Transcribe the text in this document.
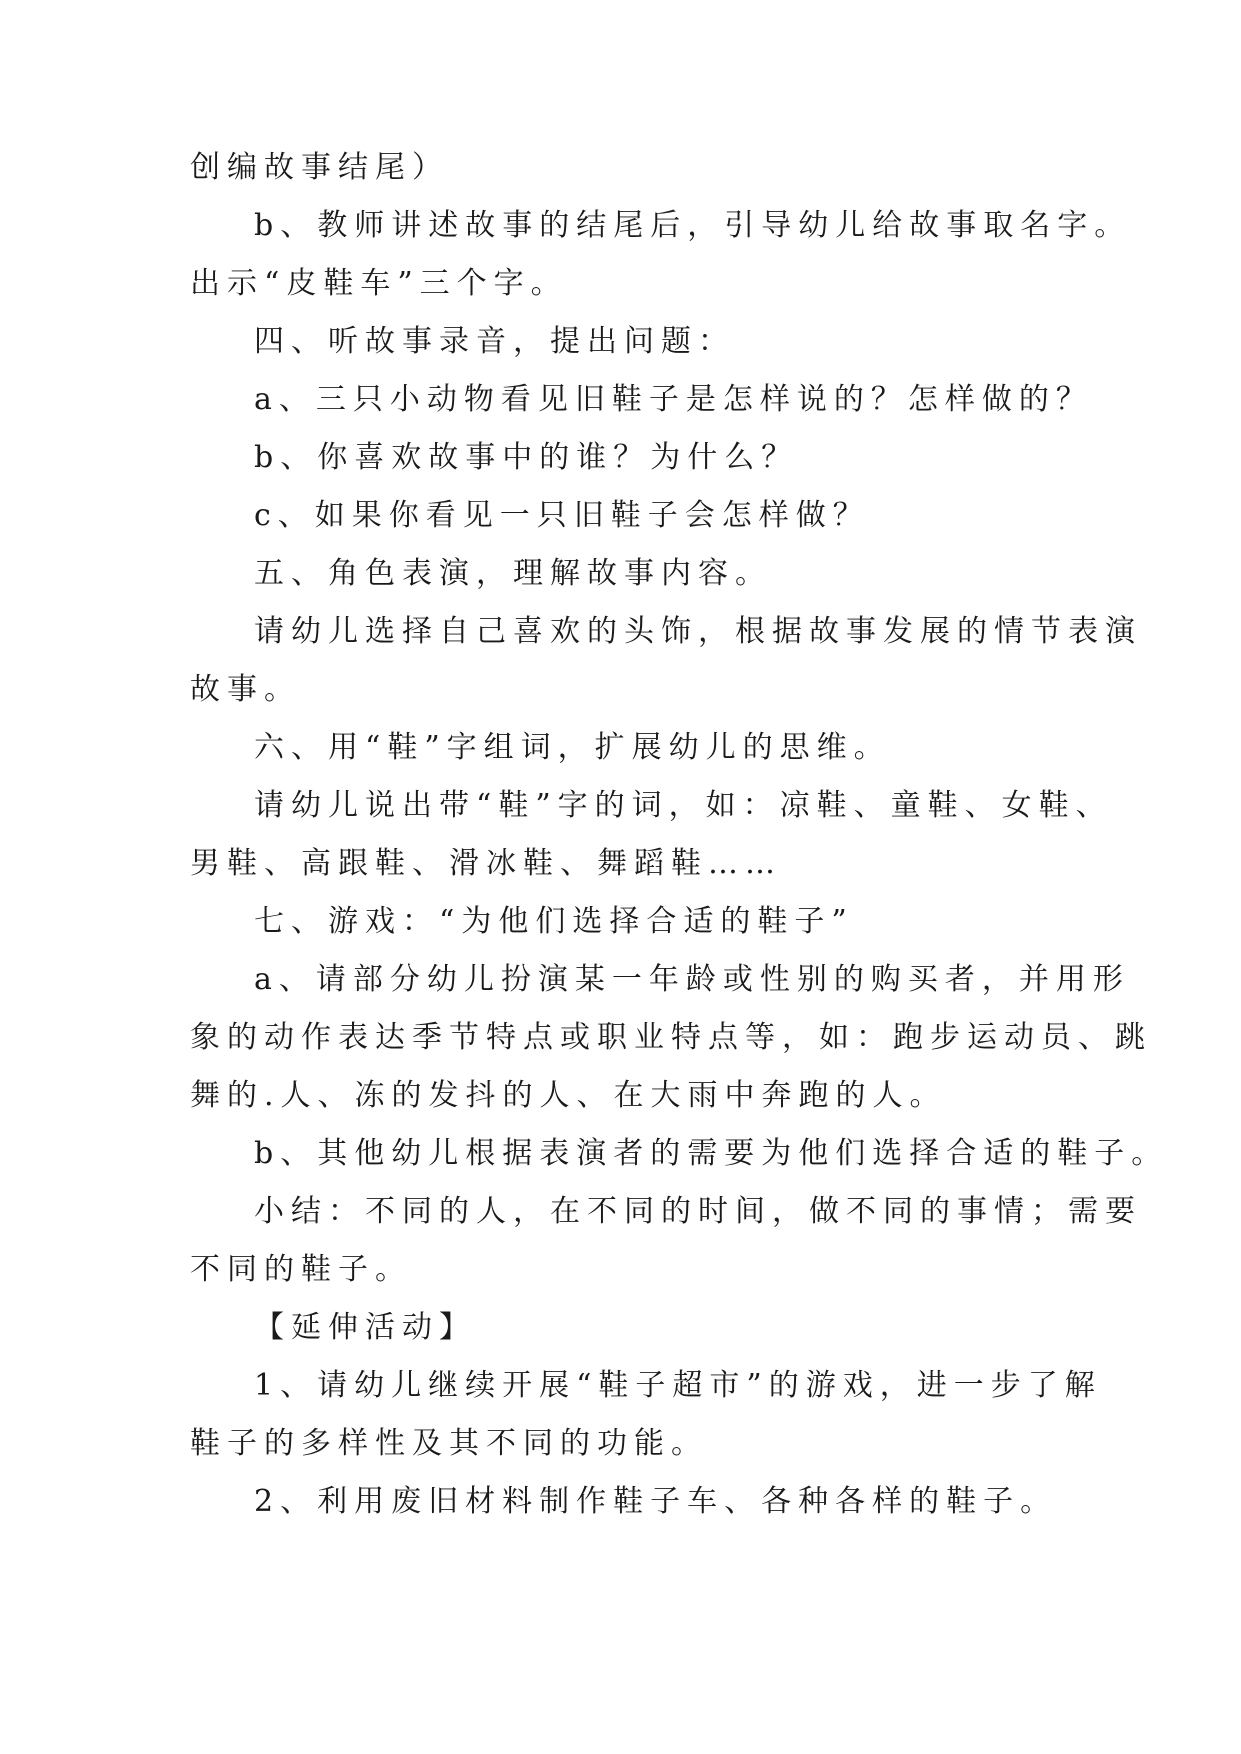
创编故事结尾）

b、教师讲述故事的结尾后，引导幼儿给故事取名字。

出示“皮鞋车”三个字。

四、听故事录音，提出问题：

a、三只小动物看见旧鞋子是怎样说的？怎样做的？

b、你喜欢故事中的谁？为什么？

c、如果你看见一只旧鞋子会怎样做？

五、角色表演，理解故事内容。

请幼儿选择自己喜欢的头饰，根据故事发展的情节表演

故事。

六、用“鞋”字组词，扩展幼儿的思维。

请幼儿说出带“鞋”字的词，如：凉鞋、童鞋、女鞋、

男鞋、高跟鞋、滑冰鞋、舞蹈鞋……

七、游戏：“为他们选择合适的鞋子”

a、请部分幼儿扮演某一年龄或性别的购买者，并用形

象的动作表达季节特点或职业特点等，如：跑步运动员、跳

舞的.人、冻的发抖的人、在大雨中奔跑的人。

b、其他幼儿根据表演者的需要为他们选择合适的鞋子。

小结：不同的人，在不同的时间，做不同的事情；需要

不同的鞋子。

【延伸活动】

1、请幼儿继续开展“鞋子超市”的游戏，进一步了解

鞋子的多样性及其不同的功能。

2、利用废旧材料制作鞋子车、各种各样的鞋子。
